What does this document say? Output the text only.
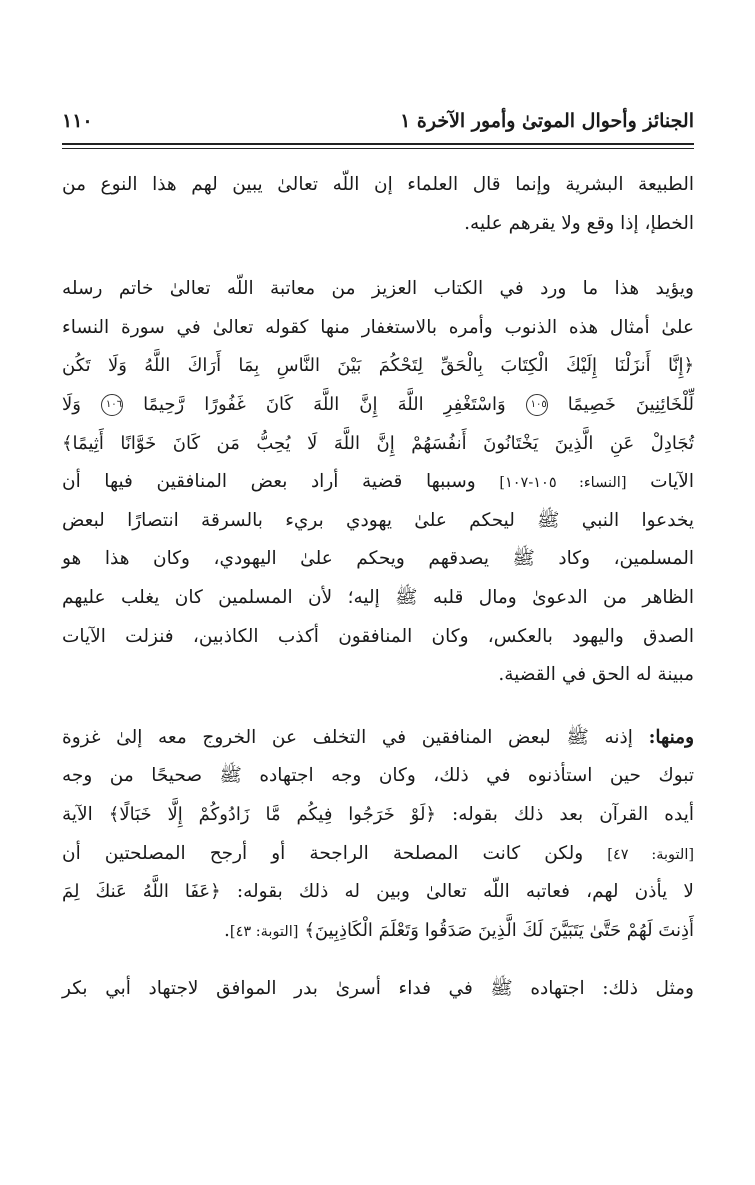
الجنائز وأحوال الموتىٰ وأمور الآخرة ١
١١٠
الطبيعة البشرية وإنما قال العلماء إن اللّه تعالىٰ يبين لهم هذا النوع من
الخطإ، إذا وقع ولا يقرهم عليه.
ويؤيد هذا ما ورد في الكتاب العزيز من معاتبة اللّه تعالىٰ خاتم رسله
علىٰ أمثال هذه الذنوب وأمره بالاستغفار منها كقوله تعالىٰ في سورة النساء
﴿إِنَّا أَنزَلْنَا إِلَيْكَ الْكِتَابَ بِالْحَقِّ لِتَحْكُمَ بَيْنَ النَّاسِ بِمَا أَرَاكَ اللَّهُ وَلَا تَكُن
لِّلْخَائِنِينَ خَصِيمًا ١٠٥ وَاسْتَغْفِرِ اللَّهَ إِنَّ اللَّهَ كَانَ غَفُورًا رَّحِيمًا ١٠٦ وَلَا
تُجَادِلْ عَنِ الَّذِينَ يَخْتَانُونَ أَنفُسَهُمْ إِنَّ اللَّهَ لَا يُحِبُّ مَن كَانَ خَوَّانًا أَثِيمًا﴾
الآيات [النساء: ١٠٥-١٠٧] وسببها قضية أراد بعض المنافقين فيها أن
يخدعوا النبي ﷺ ليحكم علىٰ يهودي بريء بالسرقة انتصارًا لبعض
المسلمين، وكاد ﷺ يصدقهم ويحكم علىٰ اليهودي، وكان هذا هو
الظاهر من الدعوىٰ ومال قلبه ﷺ إليه؛ لأن المسلمين كان يغلب عليهم
الصدق واليهود بالعكس، وكان المنافقون أكذب الكاذبين، فنزلت الآيات
مبينة له الحق في القضية.
ومنها: إذنه ﷺ لبعض المنافقين في التخلف عن الخروج معه إلىٰ غزوة
تبوك حين استأذنوه في ذلك، وكان وجه اجتهاده ﷺ صحيحًا من وجه
أيده القرآن بعد ذلك بقوله: ﴿لَوْ خَرَجُوا فِيكُم مَّا زَادُوكُمْ إِلَّا خَبَالًا﴾ الآية
[التوبة: ٤٧] ولكن كانت المصلحة الراجحة أو أرجح المصلحتين أن
لا يأذن لهم، فعاتبه اللّه تعالىٰ وبين له ذلك بقوله: ﴿عَفَا اللَّهُ عَنكَ لِمَ
أَذِنتَ لَهُمْ حَتَّىٰ يَتَبَيَّنَ لَكَ الَّذِينَ صَدَقُوا وَتَعْلَمَ الْكَاذِبِينَ﴾ [التوبة: ٤٣].
ومثل ذلك: اجتهاده ﷺ في فداء أسرىٰ بدر الموافق لاجتهاد أبي بكر
